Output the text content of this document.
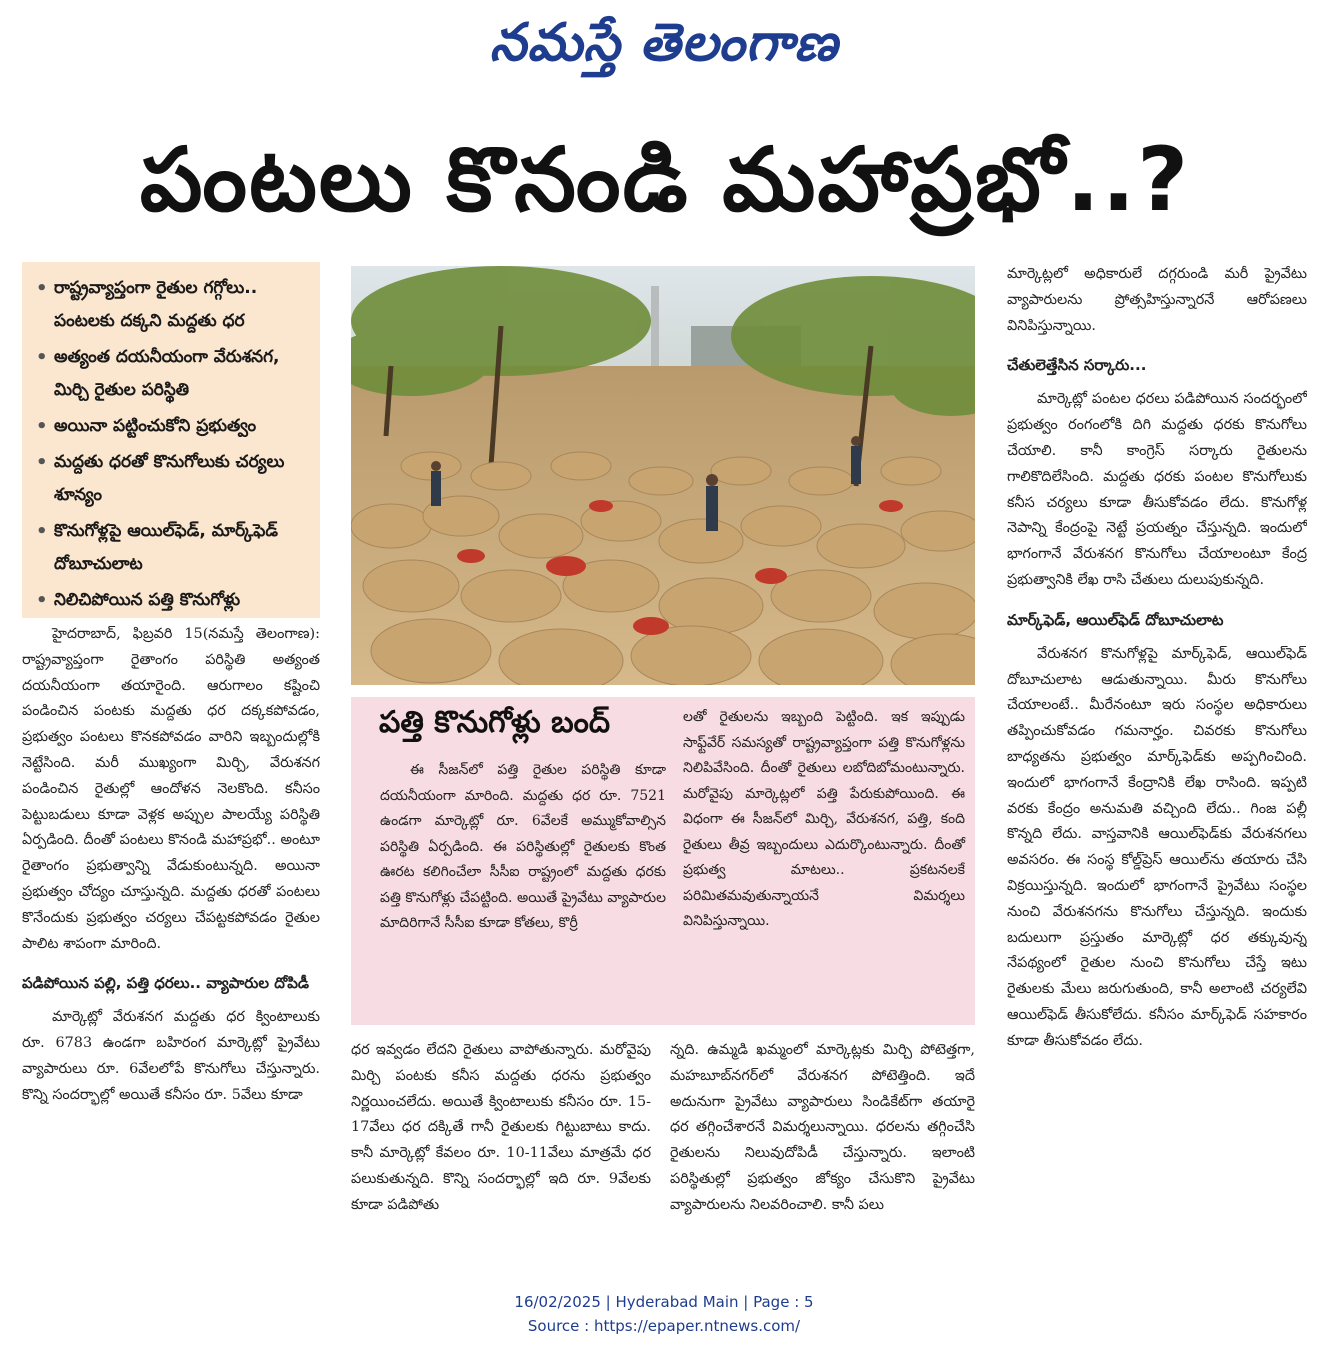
నమస్తే తెలంగాణ
పంటలు కొనండి మహాప్రభో..?
• రాష్ట్రవ్యాప్తంగా రైతుల గగ్గోలు.. పంటలకు దక్కని మద్దతు ధర
• అత్యంత దయనీయంగా వేరుశనగ, మిర్చి రైతుల పరిస్థితి
• అయినా పట్టించుకోని ప్రభుత్వం
• మద్దతు ధరతో కొనుగోలుకు చర్యలు శూన్యం
• కొనుగోళ్లపై ఆయిల్‌ఫెడ్, మార్క్‌ఫెడ్ దోబూచులాట
• నిలిచిపోయిన పత్తి కొనుగోళ్లు

హైదరాబాద్, ఫిబ్రవరి 15(నమస్తే తెలంగాణ): రాష్ట్రవ్యాప్తంగా రైతాంగం పరిస్థితి అత్యంత దయనీయంగా తయారైంది. ఆరుగాలం కష్టించి పండించిన పంటకు మద్దతు ధర దక్కకపోవడం, ప్రభుత్వం పంటలు కొనకపోవడం వారిని ఇబ్బందుల్లోకి నెట్టేసింది. మరీ ముఖ్యంగా మిర్చి, వేరుశనగ పండించిన రైతుల్లో ఆందోళన నెలకొంది. కనీసం పెట్టుబడులు కూడా వెళ్లక అప్పుల పాలయ్యే పరిస్థితి ఏర్పడింది. దీంతో పంటలు కొనండి మహాప్రభో.. అంటూ రైతాంగం ప్రభుత్వాన్ని వేడుకుంటున్నది. అయినా ప్రభుత్వం చోద్యం చూస్తున్నది. మద్దతు ధరతో పంటలు కొనేందుకు ప్రభుత్వం చర్యలు చేపట్టకపోవడం రైతుల పాలిట శాపంగా మారింది.

పడిపోయిన పల్లి, పత్తి ధరలు.. వ్యాపారుల దోపిడీ

మార్కెట్లో వేరుశనగ మద్దతు ధర క్వింటాలుకు రూ. 6783 ఉండగా బహిరంగ మార్కెట్లో ప్రైవేటు వ్యాపారులు రూ. 6వేలలోపే కొనుగోలు చేస్తున్నారు. కొన్ని సందర్భాల్లో అయితే కనీసం రూ. 5వేలు కూడా

పత్తి కొనుగోళ్లు బంద్

ఈ సీజన్‌లో పత్తి రైతుల పరిస్థితి కూడా దయనీయంగా మారింది. మద్దతు ధర రూ. 7521 ఉండగా మార్కెట్లో రూ. 6వేలకే అమ్ముకోవాల్సిన పరిస్థితి ఏర్పడింది. ఈ పరిస్థితుల్లో రైతులకు కొంత ఊరట కలిగించేలా సీసీఐ రాష్ట్రంలో మద్దతు ధరకు పత్తి కొనుగోళ్లు చేపట్టింది. అయితే ప్రైవేటు వ్యాపారుల మాదిరిగానే సీసీఐ కూడా కోతలు, కొర్రీ

లతో రైతులను ఇబ్బంది పెట్టింది. ఇక ఇప్పుడు సాఫ్ట్‌వేర్ సమస్యతో రాష్ట్రవ్యాప్తంగా పత్తి కొనుగోళ్లను నిలిపివేసింది. దీంతో రైతులు లబోదిబోమంటున్నారు. మరోవైపు మార్కెట్లలో పత్తి పేరుకుపోయింది. ఈ విధంగా ఈ సీజన్‌లో మిర్చి, వేరుశనగ, పత్తి, కంది రైతులు తీవ్ర ఇబ్బందులు ఎదుర్కొంటున్నారు. దీంతో ప్రభుత్వ మాటలు.. ప్రకటనలకే పరిమితమవుతున్నాయనే విమర్శలు వినిపిస్తున్నాయి.

ధర ఇవ్వడం లేదని రైతులు వాపోతున్నారు. మరోవైపు మిర్చి పంటకు కనీస మద్దతు ధరను ప్రభుత్వం నిర్ణయించలేదు. అయితే క్వింటాలుకు కనీసం రూ. 15-17వేలు ధర దక్కితే గానీ రైతులకు గిట్టుబాటు కాదు. కానీ మార్కెట్లో కేవలం రూ. 10-11వేలు మాత్రమే ధర పలుకుతున్నది. కొన్ని సందర్భాల్లో ఇది రూ. 9వేలకు కూడా పడిపోతు

న్నది. ఉమ్మడి ఖమ్మంలో మార్కెట్లకు మిర్చి పోటెత్తగా, మహబూబ్‌నగర్‌లో వేరుశనగ పోటెత్తింది. ఇదే అదునుగా ప్రైవేటు వ్యాపారులు సిండికేట్‌గా తయారై ధర తగ్గించేశారనే విమర్శలున్నాయి. ధరలను తగ్గించేసి రైతులను నిలువుదోపిడీ చేస్తున్నారు. ఇలాంటి పరిస్థితుల్లో ప్రభుత్వం జోక్యం చేసుకొని ప్రైవేటు వ్యాపారులను నిలవరించాలి. కానీ పలు

మార్కెట్లలో అధికారులే దగ్గరుండి మరీ ప్రైవేటు వ్యాపారులను ప్రోత్సహిస్తున్నారనే ఆరోపణలు వినిపిస్తున్నాయి.

చేతులెత్తేసిన సర్కారు...

మార్కెట్లో పంటల ధరలు పడిపోయిన సందర్భంలో ప్రభుత్వం రంగంలోకి దిగి మద్దతు ధరకు కొనుగోలు చేయాలి. కానీ కాంగ్రెస్ సర్కారు రైతులను గాలికొదిలేసింది. మద్దతు ధరకు పంటల కొనుగోలుకు కనీస చర్యలు కూడా తీసుకోవడం లేదు. కొనుగోళ్ల నెపాన్ని కేంద్రంపై నెట్టే ప్రయత్నం చేస్తున్నది. ఇందులో భాగంగానే వేరుశనగ కొనుగోలు చేయాలంటూ కేంద్ర ప్రభుత్వానికి లేఖ రాసి చేతులు దులుపుకున్నది.

మార్క్‌ఫెడ్, ఆయిల్‌ఫెడ్ దోబూచులాట

వేరుశనగ కొనుగోళ్లపై మార్క్‌ఫెడ్, ఆయిల్‌ఫెడ్ దోబూచులాట ఆడుతున్నాయి. మీరు కొనుగోలు చేయాలంటే.. మీరేనంటూ ఇరు సంస్థల అధికారులు తప్పించుకోవడం గమనార్హం. చివరకు కొనుగోలు బాధ్యతను ప్రభుత్వం మార్క్‌ఫెడ్‌కు అప్పగించింది. ఇందులో భాగంగానే కేంద్రానికి లేఖ రాసింది. ఇప్పటి వరకు కేంద్రం అనుమతి వచ్చింది లేదు.. గింజ పల్లీ కొన్నది లేదు. వాస్తవానికి ఆయిల్‌ఫెడ్‌కు వేరుశనగలు అవసరం. ఈ సంస్థ కోల్డ్‌ప్రెస్ ఆయిల్‌ను తయారు చేసి విక్రయిస్తున్నది. ఇందులో భాగంగానే ప్రైవేటు సంస్థల నుంచి వేరుశనగను కొనుగోలు చేస్తున్నది. ఇందుకు బదులుగా ప్రస్తుతం మార్కెట్లో ధర తక్కువున్న నేపథ్యంలో రైతుల నుంచి కొనుగోలు చేస్తే ఇటు రైతులకు మేలు జరుగుతుంది, కానీ అలాంటి చర్యలేవి ఆయిల్‌ఫెడ్ తీసుకోలేదు. కనీసం మార్క్‌ఫెడ్ సహకారం కూడా తీసుకోవడం లేదు.

16/02/2025 | Hyderabad Main | Page : 5
Source : https://epaper.ntnews.com/
